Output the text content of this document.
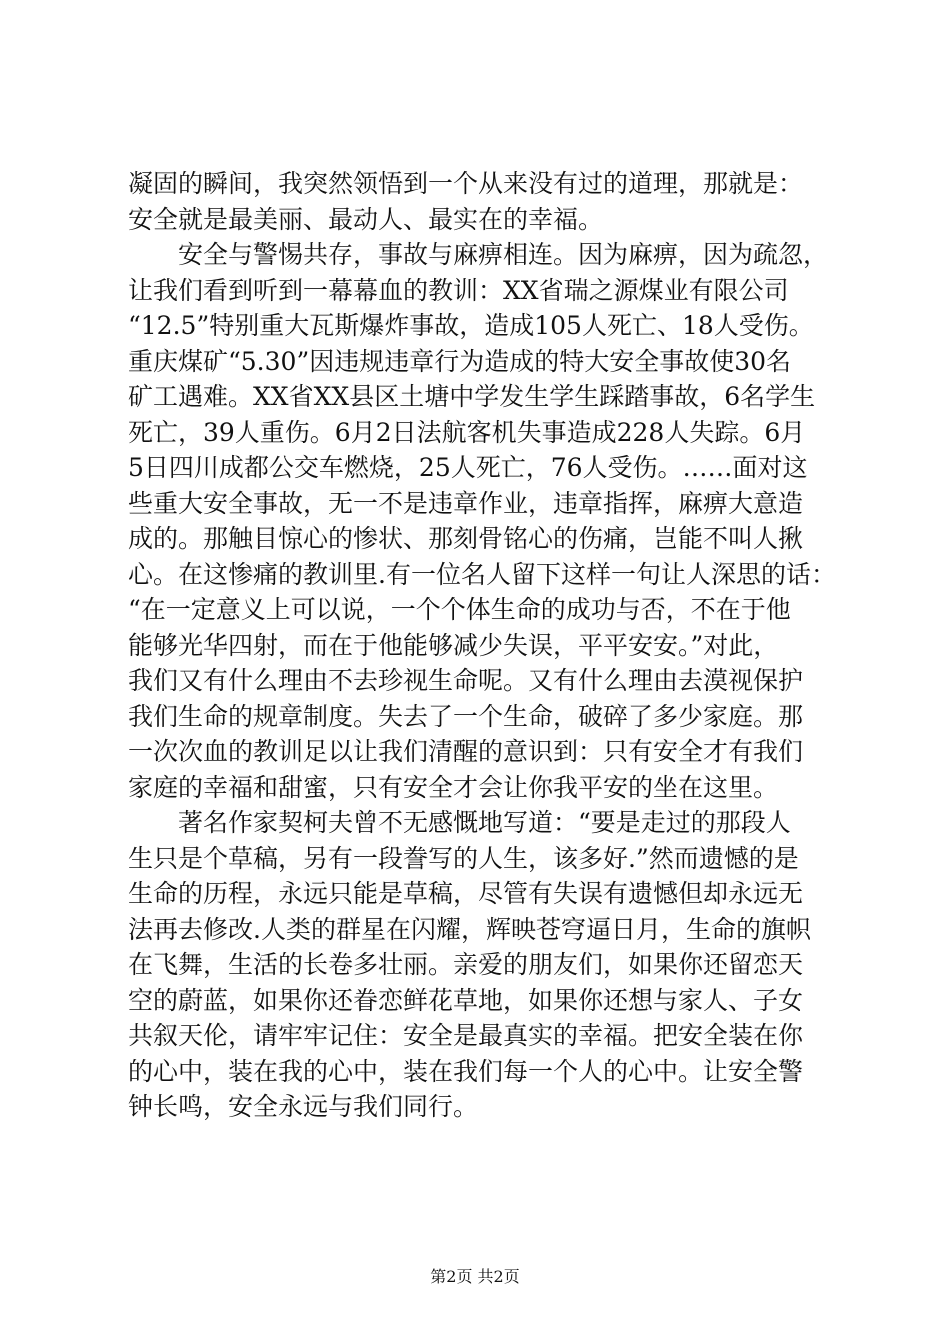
凝固的瞬间，我突然领悟到一个从来没有过的道理，那就是：
安全就是最美丽、最动人、最实在的幸福。
安全与警惕共存，事故与麻痹相连。因为麻痹，因为疏忽，
让我们看到听到一幕幕血的教训：XX省瑞之源煤业有限公司
“12.5”特别重大瓦斯爆炸事故，造成105人死亡、18人受伤。
重庆煤矿“5.30”因违规违章行为造成的特大安全事故使30名
矿工遇难。XX省XX县区土塘中学发生学生踩踏事故，6名学生
死亡，39人重伤。6月2日法航客机失事造成228人失踪。6月
5日四川成都公交车燃烧，25人死亡，76人受伤。……面对这
些重大安全事故，无一不是违章作业，违章指挥，麻痹大意造
成的。那触目惊心的惨状、那刻骨铭心的伤痛，岂能不叫人揪
心。在这惨痛的教训里.有一位名人留下这样一句让人深思的话：
“在一定意义上可以说，一个个体生命的成功与否，不在于他
能够光华四射，而在于他能够减少失误，平平安安。”对此，
我们又有什么理由不去珍视生命呢。又有什么理由去漠视保护
我们生命的规章制度。失去了一个生命，破碎了多少家庭。那
一次次血的教训足以让我们清醒的意识到：只有安全才有我们
家庭的幸福和甜蜜，只有安全才会让你我平安的坐在这里。
著名作家契柯夫曾不无感慨地写道：“要是走过的那段人
生只是个草稿，另有一段誊写的人生，该多好.”然而遗憾的是
生命的历程，永远只能是草稿，尽管有失误有遗憾但却永远无
法再去修改.人类的群星在闪耀，辉映苍穹逼日月，生命的旗帜
在飞舞，生活的长卷多壮丽。亲爱的朋友们，如果你还留恋天
空的蔚蓝，如果你还眷恋鲜花草地，如果你还想与家人、子女
共叙天伦，请牢牢记住：安全是最真实的幸福。把安全装在你
的心中，装在我的心中，装在我们每一个人的心中。让安全警
钟长鸣，安全永远与我们同行。
第2页 共2页
